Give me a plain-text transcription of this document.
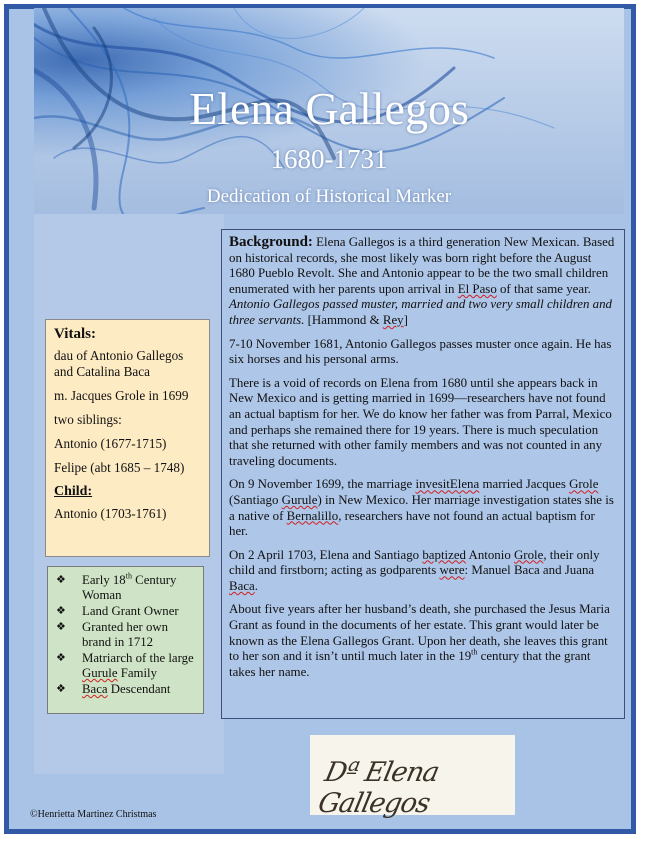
Elena Gallegos
1680-1731
Dedication of Historical Marker
Vitals:

dau of Antonio Gallegos and Catalina Baca

m. Jacques Grole in 1699

two siblings:

Antonio (1677-1715)

Felipe (abt 1685 – 1748)

Child:

Antonio (1703-1761)

❖ Early 18th Century Woman
❖ Land Grant Owner
❖ Granted her own brand in 1712
❖ Matriarch of the large Gurule Family
❖ Baca Descendant

Background: Elena Gallegos is a third generation New Mexican. Based on historical records, she most likely was born right before the August 1680 Pueblo Revolt. She and Antonio appear to be the two small children enumerated with her parents upon arrival in El Paso of that same year. Antonio Gallegos passed muster, married and two very small children and three servants. [Hammond & Rey]

7-10 November 1681, Antonio Gallegos passes muster once again. He has six horses and his personal arms.

There is a void of records on Elena from 1680 until she appears back in New Mexico and is getting married in 1699—researchers have not found an actual baptism for her. We do know her father was from Parral, Mexico and perhaps she remained there for 19 years. There is much speculation that she returned with other family members and was not counted in any traveling documents.

On 9 November 1699, the marriage invesitElena married Jacques Grole (Santiago Gurule) in New Mexico. Her marriage investigation states she is a native of Bernalillo, researchers have not found an actual baptism for her.

On 2 April 1703, Elena and Santiago baptized Antonio Grole, their only child and firstborn; acting as godparents were: Manuel Baca and Juana Baca.

About five years after her husband’s death, she purchased the Jesus Maria Grant as found in the documents of her estate. This grant would later be known as the Elena Gallegos Grant. Upon her death, she leaves this grant to her son and it isn’t until much later in the 19th century that the grant takes her name.

Dª Elena Gallegos
©Henrietta Martinez Christmas
